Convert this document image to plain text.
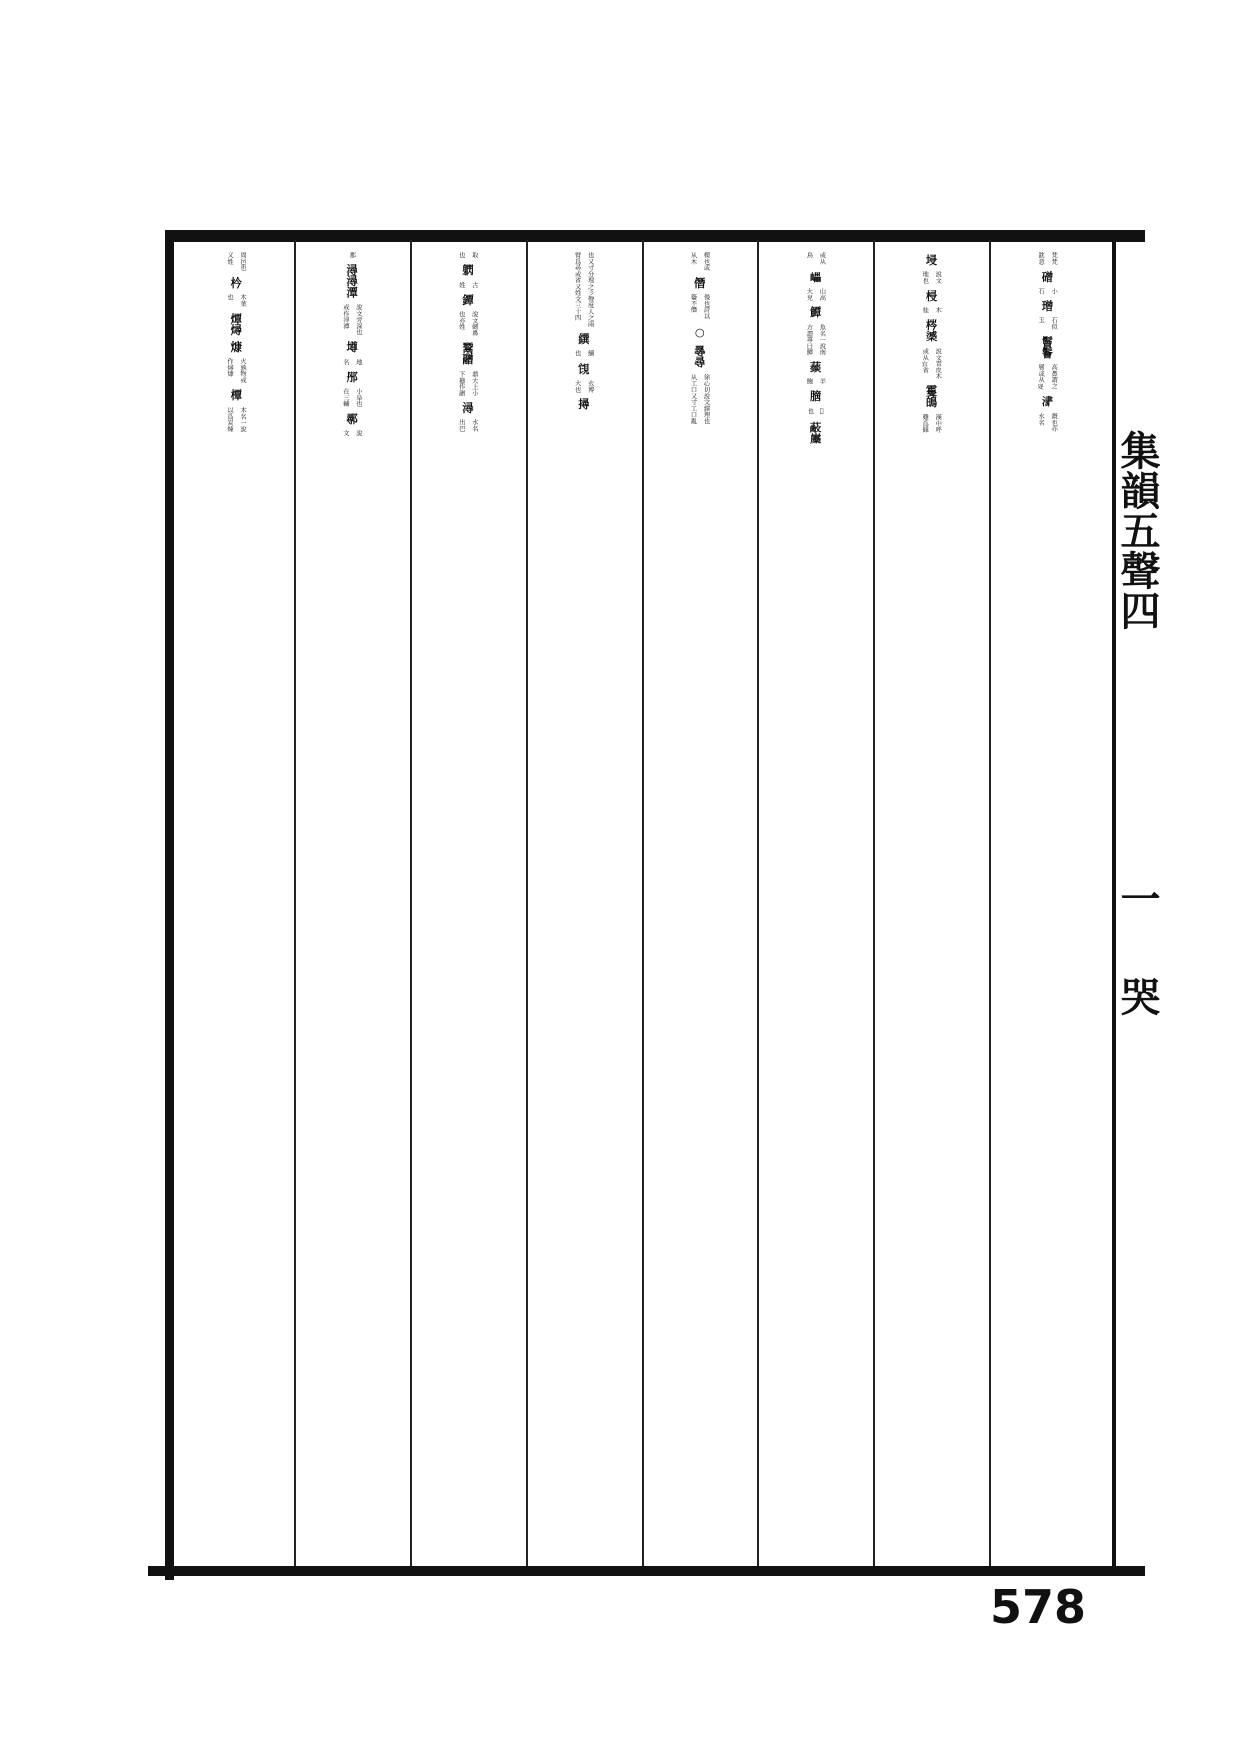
集韻五聲四  一  哭
梵梵
鈂意
磳
小
石
璔
石似
玉
鬙鬠
高鼻謂之
鬙或从𡕩
𣸁
溉也亦
水名
埐
說文
地也
梫
木
桂
梣𣚘
說文青皮木
或从𡨋省
䨥䳆
漢中呼
雞爲雔
或从
鳥
𡾊
山高
大皃
鱏
魚名一說南
方謂蕁曰鱏
䕭
羊
鮑
膪
𦟀
也
𦽗𡿛
楔也或
从木
僭
僈也詩以
籥不僭
○
㝷尋
徐心切說文繹理也
从工口又寸工口亂
也又寸分理之彡聲度人之兩
臂爲尋或省又姓文三十四
繏
續
也
䙾
衣博
大也
撏
取
也
䠾
古
姓
鐔
說文劒鼻
也亦姓
鬵䰝
鼎大上小
下籀作䰝
潯
水名
出巴
郡
潯潯潭
說文旁深也
或作潯潭
墫
地
名
䢷
小阜也
在三輔
鄩
說
文
周邑也
又姓
枔
木葉
也
燂燖
𤎖
火孰物或
作燖𤎖
橝
木名一說
以爲炭煉
578
